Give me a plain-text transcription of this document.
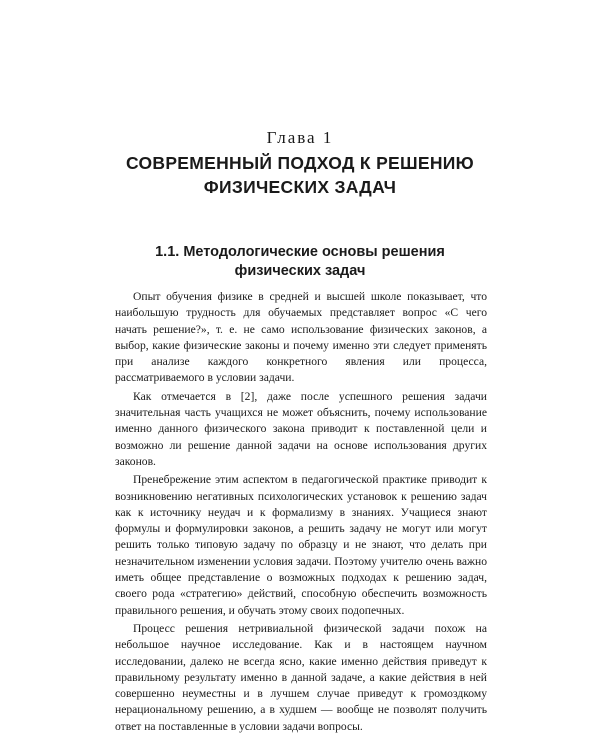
Глава 1
СОВРЕМЕННЫЙ ПОДХОД К РЕШЕНИЮ
ФИЗИЧЕСКИХ ЗАДАЧ
1.1. Методологические основы решения
физических задач

Опыт обучения физике в средней и высшей школе показывает, что наибольшую трудность для обучаемых представляет вопрос «С чего начать решение?», т. е. не само использование физических законов, а выбор, какие физические законы и почему именно эти следует применять при анализе каждого конкретного явления или процесса, рассматриваемого в условии задачи.

Как отмечается в [2], даже после успешного решения задачи значительная часть учащихся не может объяснить, почему использование именно данного физического закона приводит к поставленной цели и возможно ли решение данной задачи на основе использования других законов.

Пренебрежение этим аспектом в педагогической практике приводит к возникновению негативных психологических установок к решению задач как к источнику неудач и к формализму в знаниях. Учащиеся знают формулы и формулировки законов, а решить задачу не могут или могут решить только типовую задачу по образцу и не знают, что делать при незначительном изменении условия задачи. Поэтому учителю очень важно иметь общее представление о возможных подходах к решению задач, своего рода «стратегию» действий, способную обеспечить возможность правильного решения, и обучать этому своих подопечных.

Процесс решения нетривиальной физической задачи похож на небольшое научное исследование. Как и в настоящем научном исследовании, далеко не всегда ясно, какие именно действия приведут к правильному результату именно в данной задаче, а какие действия в ней совершенно неуместны и в лучшем случае приведут к громоздкому нерациональному решению, а в худшем — вообще не позволят получить ответ на поставленные в условии задачи вопросы.
